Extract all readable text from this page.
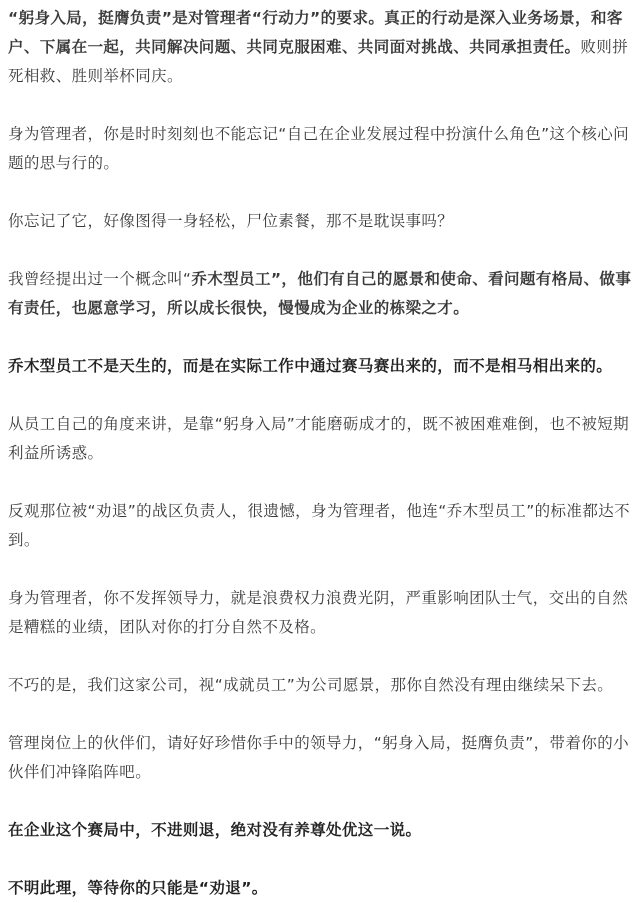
“躬身入局，挺膺负责”是对管理者“行动力”的要求。真正的行动是深入业务场景，和客户、下属在一起，共同解决问题、共同克服困难、共同面对挑战、共同承担责任。败则拼死相救、胜则举杯同庆。

身为管理者，你是时时刻刻也不能忘记“自己在企业发展过程中扮演什么角色”这个核心问题的思与行的。

你忘记了它，好像图得一身轻松，尸位素餐，那不是耽误事吗？

我曾经提出过一个概念叫“乔木型员工”，他们有自己的愿景和使命、看问题有格局、做事有责任，也愿意学习，所以成长很快，慢慢成为企业的栋梁之才。

乔木型员工不是天生的，而是在实际工作中通过赛马赛出来的，而不是相马相出来的。

从员工自己的角度来讲，是靠“躬身入局”才能磨砺成才的，既不被困难难倒，也不被短期利益所诱惑。

反观那位被“劝退”的战区负责人，很遗憾，身为管理者，他连“乔木型员工”的标准都达不到。

身为管理者，你不发挥领导力，就是浪费权力浪费光阴，严重影响团队士气，交出的自然是糟糕的业绩，团队对你的打分自然不及格。

不巧的是，我们这家公司，视“成就员工”为公司愿景，那你自然没有理由继续呆下去。

管理岗位上的伙伴们，请好好珍惜你手中的领导力，“躬身入局，挺膺负责”，带着你的小伙伴们冲锋陷阵吧。

在企业这个赛局中，不进则退，绝对没有养尊处优这一说。

不明此理，等待你的只能是“劝退”。
